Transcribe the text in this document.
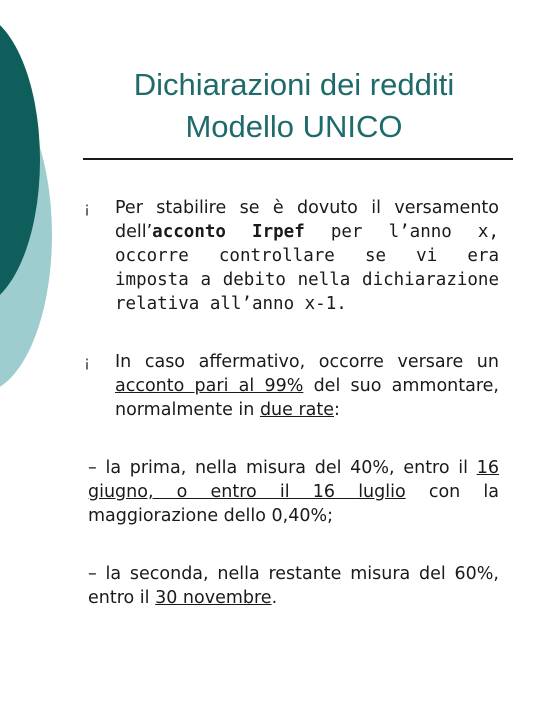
Dichiarazioni dei redditi
Modello UNICO
¡	Per stabilire se è dovuto il versamento dell’acconto Irpef per l’anno x, occorre controllare se vi era imposta a debito nella dichiarazione relativa all’anno x-1.
¡	In caso affermativo, occorre versare un acconto pari al 99% del suo ammontare, normalmente in due rate:
– la prima, nella misura del 40%, entro il 16 giugno, o entro il 16 luglio con la maggiorazione dello 0,40%;
– la seconda, nella restante misura del 60%, entro il 30 novembre.
